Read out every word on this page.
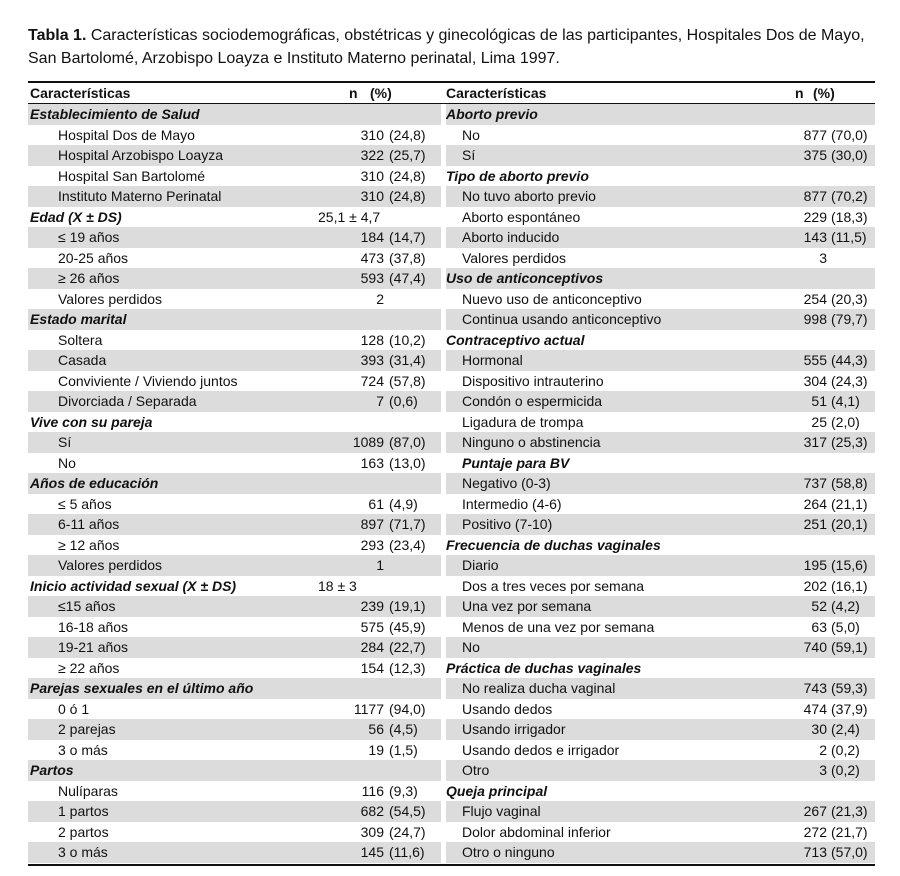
Tabla 1. Características sociodemográficas, obstétricas y ginecológicas de las participantes, Hospitales Dos de Mayo, San Bartolomé, Arzobispo Loayza e Instituto Materno perinatal, Lima 1997.
Características	n (%)	Características	n (%)
Establecimiento de Salud
Hospital Dos de Mayo	310 (24,8)
Hospital Arzobispo Loayza	322 (25,7)
Hospital San Bartolomé	310 (24,8)
Instituto Materno Perinatal	310 (24,8)
Edad (X ± DS)	25,1 ± 4,7
≤ 19 años	184 (14,7)
20-25 años	473 (37,8)
≥ 26 años	593 (47,4)
Valores perdidos	2
Estado marital
Soltera	128 (10,2)
Casada	393 (31,4)
Conviviente / Viviendo juntos	724 (57,8)
Divorciada / Separada	7 (0,6)
Vive con su pareja
Sí	1089 (87,0)
No	163 (13,0)
Años de educación
≤ 5 años	61 (4,9)
6-11 años	897 (71,7)
≥ 12 años	293 (23,4)
Valores perdidos	1
Inicio actividad sexual (X ± DS)	18 ± 3
≤15 años	239 (19,1)
16-18 años	575 (45,9)
19-21 años	284 (22,7)
≥ 22 años	154 (12,3)
Parejas sexuales en el último año
0 ó 1	1177 (94,0)
2 parejas	56 (4,5)
3 o más	19 (1,5)
Partos
Nulíparas	116 (9,3)
1 partos	682 (54,5)
2 partos	309 (24,7)
3 o más	145 (11,6)
Aborto previo
No	877 (70,0)
Sí	375 (30,0)
Tipo de aborto previo
No tuvo aborto previo	877 (70,2)
Aborto espontáneo	229 (18,3)
Aborto inducido	143 (11,5)
Valores perdidos	3
Uso de anticonceptivos
Nuevo uso de anticonceptivo	254 (20,3)
Continua usando anticonceptivo	998 (79,7)
Contraceptivo actual
Hormonal	555 (44,3)
Dispositivo intrauterino	304 (24,3)
Condón o espermicida	51 (4,1)
Ligadura de trompa	25 (2,0)
Ninguno o abstinencia	317 (25,3)
Puntaje para BV
Negativo (0-3)	737 (58,8)
Intermedio (4-6)	264 (21,1)
Positivo (7-10)	251 (20,1)
Frecuencia de duchas vaginales
Diario	195 (15,6)
Dos a tres veces por semana	202 (16,1)
Una vez por semana	52 (4,2)
Menos de una vez por semana	63 (5,0)
No	740 (59,1)
Práctica de duchas vaginales
No realiza ducha vaginal	743 (59,3)
Usando dedos	474 (37,9)
Usando irrigador	30 (2,4)
Usando dedos e irrigador	2 (0,2)
Otro	3 (0,2)
Queja principal
Flujo vaginal	267 (21,3)
Dolor abdominal inferior	272 (21,7)
Otro o ninguno	713 (57,0)
